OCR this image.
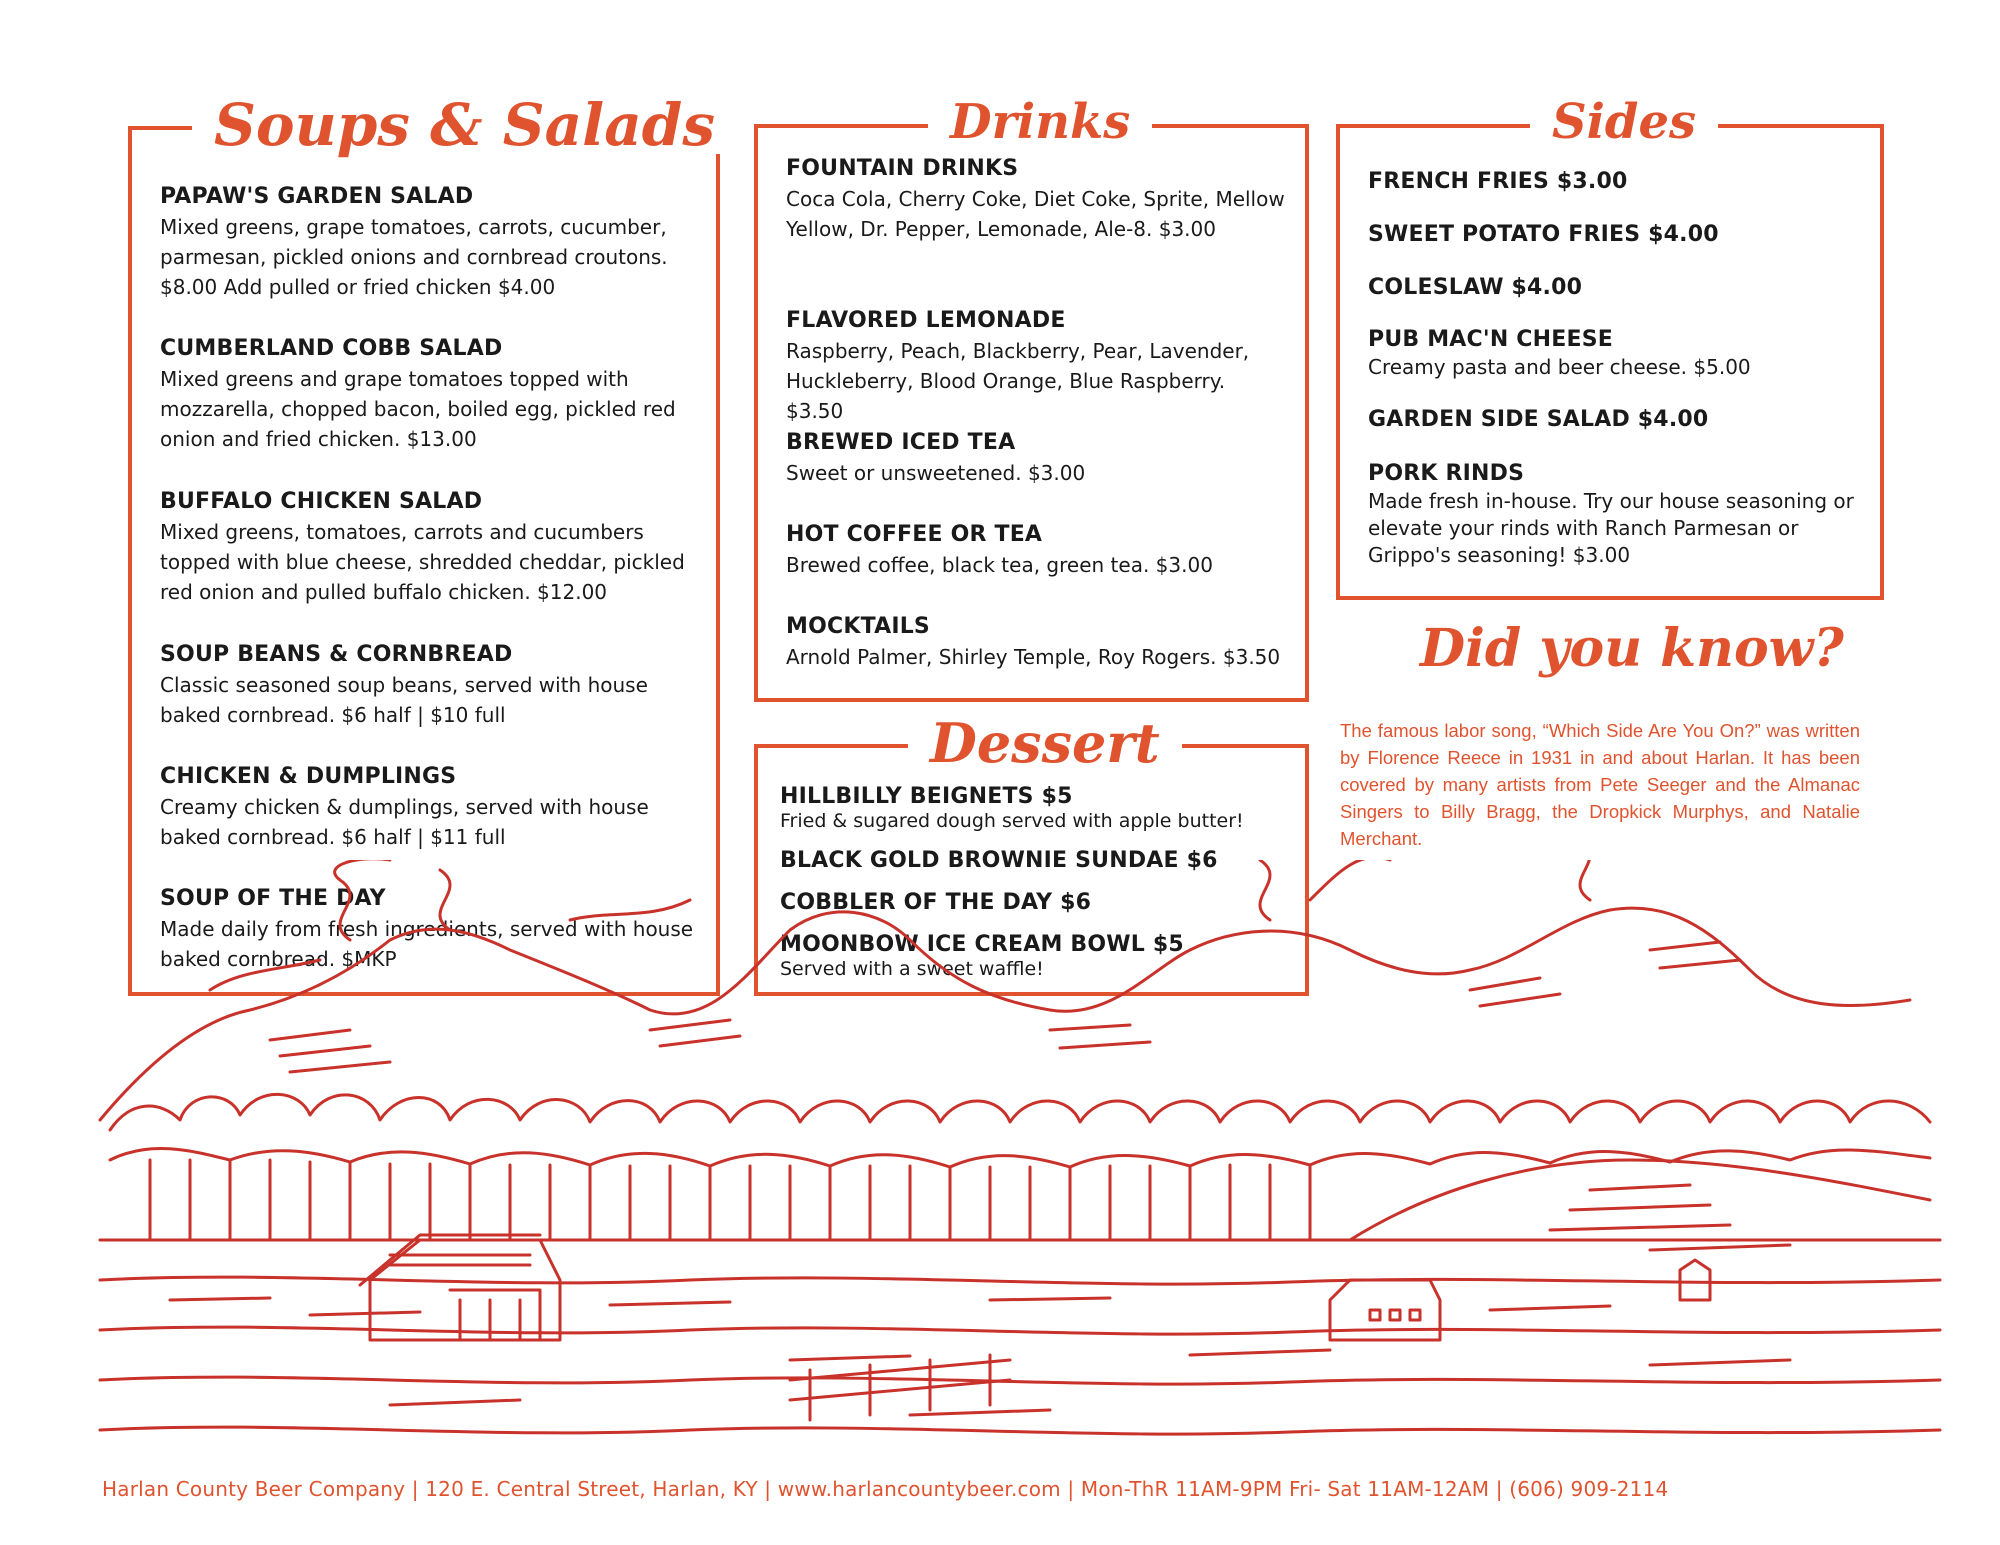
Soups & Salads
PAPAW'S GARDEN SALAD
Mixed greens, grape tomatoes, carrots, cucumber, parmesan, pickled onions and cornbread croutons. $8.00 Add pulled or fried chicken $4.00
CUMBERLAND COBB SALAD
Mixed greens and grape tomatoes topped with mozzarella, chopped bacon, boiled egg, pickled red onion and fried chicken. $13.00
BUFFALO CHICKEN SALAD
Mixed greens, tomatoes, carrots and cucumbers topped with blue cheese, shredded cheddar, pickled red onion and pulled buffalo chicken. $12.00
SOUP BEANS & CORNBREAD
Classic seasoned soup beans, served with house baked cornbread. $6 half | $10 full
CHICKEN & DUMPLINGS
Creamy chicken & dumplings, served with house baked cornbread. $6 half | $11 full
SOUP OF THE DAY
Made daily from fresh ingredients, served with house baked cornbread. $MKP
Drinks
FOUNTAIN DRINKS
Coca Cola, Cherry Coke, Diet Coke, Sprite, Mellow Yellow, Dr. Pepper, Lemonade, Ale-8. $3.00
FLAVORED LEMONADE
Raspberry, Peach, Blackberry, Pear, Lavender, Huckleberry, Blood Orange, Blue Raspberry. $3.50
BREWED ICED TEA
Sweet or unsweetened. $3.00
HOT COFFEE OR TEA
Brewed coffee, black tea, green tea. $3.00
MOCKTAILS
Arnold Palmer, Shirley Temple, Roy Rogers. $3.50
Dessert
HILLBILLY BEIGNETS $5
Fried & sugared dough served with apple butter!
BLACK GOLD BROWNIE SUNDAE $6
COBBLER OF THE DAY $6
MOONBOW ICE CREAM BOWL $5
Served with a sweet waffle!
Sides
FRENCH FRIES $3.00
SWEET POTATO FRIES $4.00
COLESLAW $4.00
PUB MAC'N CHEESE
Creamy pasta and beer cheese. $5.00
GARDEN SIDE SALAD $4.00
PORK RINDS
Made fresh in-house. Try our house seasoning or elevate your rinds with Ranch Parmesan or Grippo's seasoning! $3.00
Did you know?
The famous labor song, “Which Side Are You On?” was written by Florence Reece in 1931 in and about Harlan. It has been covered by many artists from Pete Seeger and the Almanac Singers to Billy Bragg, the Dropkick Murphys, and Natalie Merchant.
Harlan County Beer Company | 120 E. Central Street, Harlan, KY | www.harlancountybeer.com | Mon-ThR 11AM-9PM Fri- Sat 11AM-12AM | (606) 909-2114
